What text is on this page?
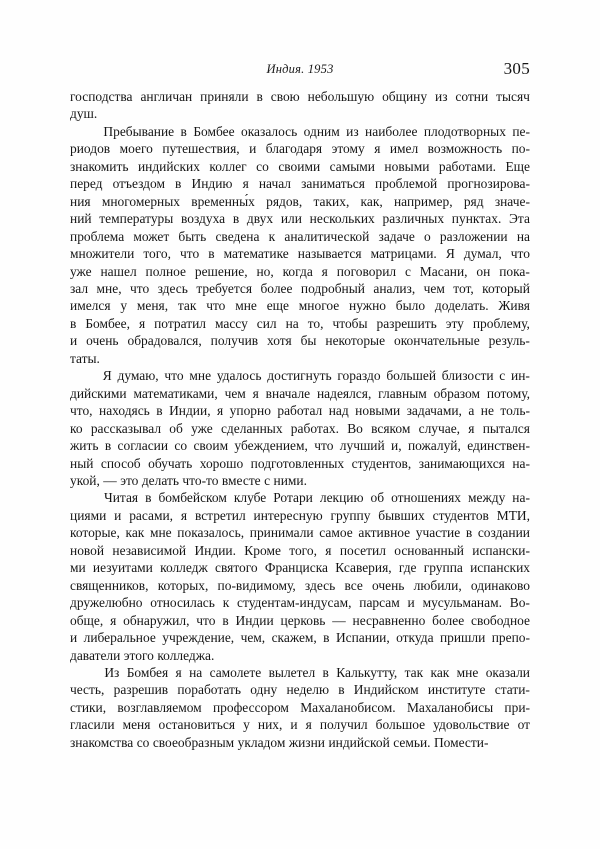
Индия. 1953	305

господства англичан приняли в свою небольшую общину из сотни тысяч
душ.

Пребывание в Бомбее оказалось одним из наиболее плодотворных пе-
риодов моего путешествия, и благодаря этому я имел возможность по-
знакомить индийских коллег со своими самыми новыми работами. Еще
перед отъездом в Индию я начал заниматься проблемой прогнозирова-
ния многомерных временны́х рядов, таких, как, например, ряд значе-
ний температуры воздуха в двух или нескольких различных пунктах. Эта
проблема может быть сведена к аналитической задаче о разложении на
множители того, что в математике называется матрицами. Я думал, что
уже нашел полное решение, но, когда я поговорил с Масани, он пока-
зал мне, что здесь требуется более подробный анализ, чем тот, который
имелся у меня, так что мне еще многое нужно было доделать. Живя
в Бомбее, я потратил массу сил на то, чтобы разрешить эту проблему,
и очень обрадовался, получив хотя бы некоторые окончательные резуль-
таты.

Я думаю, что мне удалось достигнуть гораздо большей близости с ин-
дийскими математиками, чем я вначале надеялся, главным образом потому,
что, находясь в Индии, я упорно работал над новыми задачами, а не толь-
ко рассказывал об уже сделанных работах. Во всяком случае, я пытался
жить в согласии со своим убеждением, что лучший и, пожалуй, единствен-
ный способ обучать хорошо подготовленных студентов, занимающихся на-
укой, — это делать что-то вместе с ними.

Читая в бомбейском клубе Ротари лекцию об отношениях между на-
циями и расами, я встретил интересную группу бывших студентов МТИ,
которые, как мне показалось, принимали самое активное участие в создании
новой независимой Индии. Кроме того, я посетил основанный испански-
ми иезуитами колледж святого Франциска Ксаверия, где группа испанских
священников, которых, по-видимому, здесь все очень любили, одинаково
дружелюбно относилась к студентам-индусам, парсам и мусульманам. Во-
обще, я обнаружил, что в Индии церковь — несравненно более свободное
и либеральное учреждение, чем, скажем, в Испании, откуда пришли препо-
даватели этого колледжа.

Из Бомбея я на самолете вылетел в Калькутту, так как мне оказали
честь, разрешив поработать одну неделю в Индийском институте стати-
стики, возглавляемом профессором Махаланобисом. Махаланобисы при-
гласили меня остановиться у них, и я получил большое удовольствие от
знакомства со своеобразным укладом жизни индийской семьи. Помести-
